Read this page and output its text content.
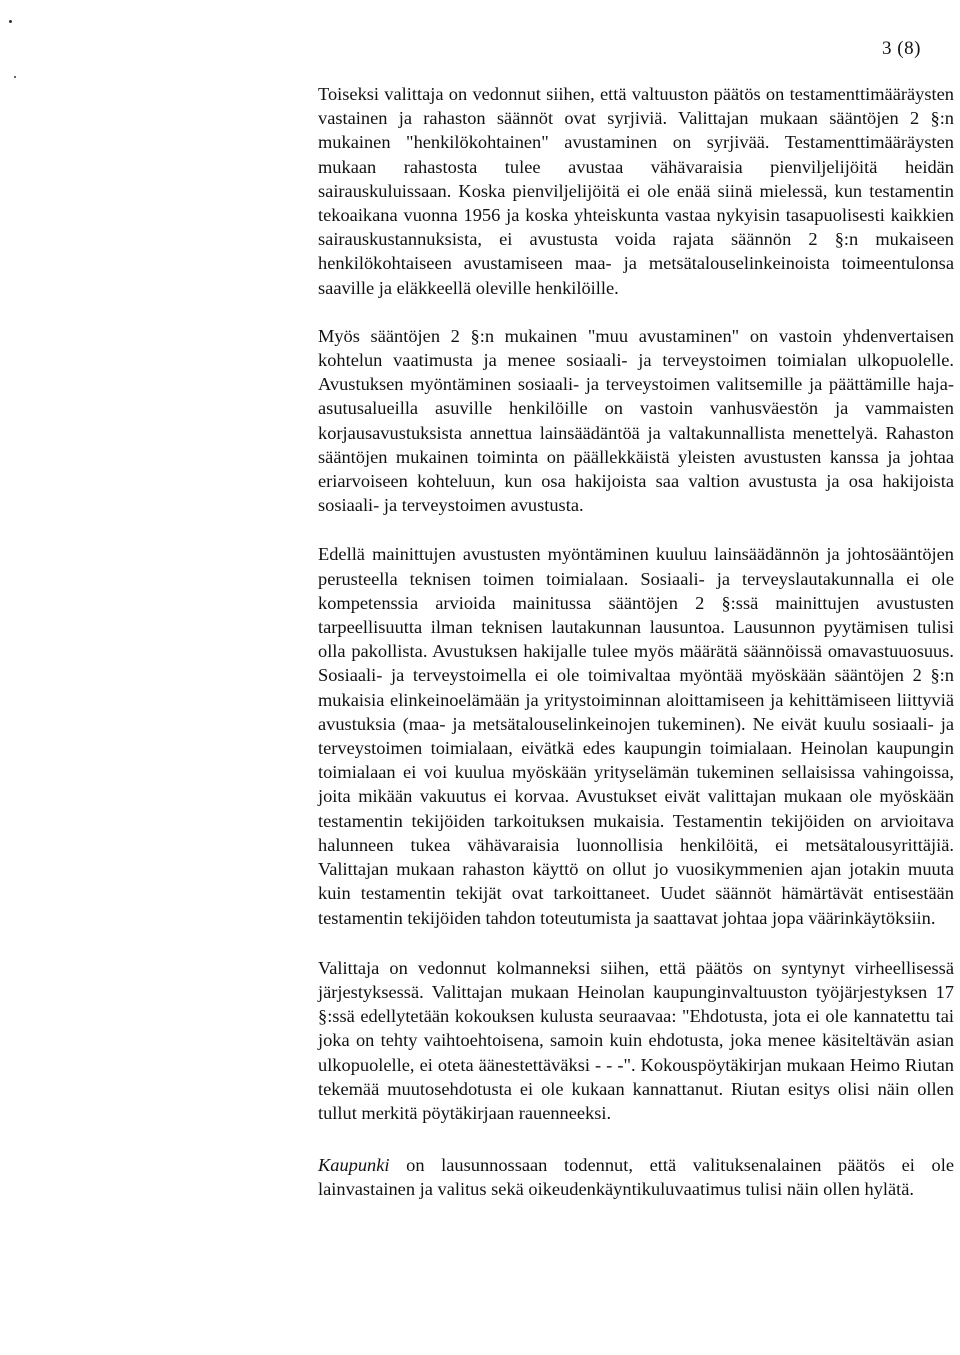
3 (8)

Toiseksi valittaja on vedonnut siihen, että valtuuston päätös on testamenttimääräysten vastainen ja rahaston säännöt ovat syrjiviä. Valittajan mukaan sääntöjen 2 §:n mukainen "henkilökohtainen" avustaminen on syrjivää. Testamenttimääräysten mukaan rahastosta tulee avustaa vähävaraisia pienviljelijöitä heidän sairauskuluissaan. Koska pienviljelijöitä ei ole enää siinä mielessä, kun testamentin tekoaikana vuonna 1956 ja koska yhteiskunta vastaa nykyisin tasapuolisesti kaikkien sairauskustannuksista, ei avustusta voida rajata säännön 2 §:n mukaiseen henkilökohtaiseen avustamiseen maa- ja metsätalouselinkeinoista toimeentulonsa saaville ja eläkkeellä oleville henkilöille.

Myös sääntöjen 2 §:n mukainen "muu avustaminen" on vastoin yhdenvertaisen kohtelun vaatimusta ja menee sosiaali- ja terveystoimen toimialan ulkopuolelle. Avustuksen myöntäminen sosiaali- ja terveystoimen valitsemille ja päättämille haja-asutusalueilla asuville henkilöille on vastoin vanhusväestön ja vammaisten korjausavustuksista annettua lainsäädäntöä ja valtakunnallista menettelyä. Rahaston sääntöjen mukainen toiminta on päällekkäistä yleisten avustusten kanssa ja johtaa eriarvoiseen kohteluun, kun osa hakijoista saa valtion avustusta ja osa hakijoista sosiaali- ja terveystoimen avustusta.

Edellä mainittujen avustusten myöntäminen kuuluu lainsäädännön ja johtosääntöjen perusteella teknisen toimen toimialaan. Sosiaali- ja terveyslautakunnalla ei ole kompetenssia arvioida mainitussa sääntöjen 2 §:ssä mainittujen avustusten tarpeellisuutta ilman teknisen lautakunnan lausuntoa. Lausunnon pyytämisen tulisi olla pakollista. Avustuksen hakijalle tulee myös määrätä säännöissä omavastuuosuus. Sosiaali- ja terveystoimella ei ole toimivaltaa myöntää myöskään sääntöjen 2 §:n mukaisia elinkeinoelämään ja yritystoiminnan aloittamiseen ja kehittämiseen liittyviä avustuksia (maa- ja metsätalouselinkeinojen tukeminen). Ne eivät kuulu sosiaali- ja terveystoimen toimialaan, eivätkä edes kaupungin toimialaan. Heinolan kaupungin toimialaan ei voi kuulua myöskään yrityselämän tukeminen sellaisissa vahingoissa, joita mikään vakuutus ei korvaa. Avustukset eivät valittajan mukaan ole myöskään testamentin tekijöiden tarkoituksen mukaisia. Testamentin tekijöiden on arvioitava halunneen tukea vähävaraisia luonnollisia henkilöitä, ei metsätalousyrittäjiä. Valittajan mukaan rahaston käyttö on ollut jo vuosikymmenien ajan jotakin muuta kuin testamentin tekijät ovat tarkoittaneet. Uudet säännöt hämärtävät entisestään testamentin tekijöiden tahdon toteutumista ja saattavat johtaa jopa väärinkäytöksiin.

Valittaja on vedonnut kolmanneksi siihen, että päätös on syntynyt virheellisessä järjestyksessä. Valittajan mukaan Heinolan kaupunginvaltuuston työjärjestyksen 17 §:ssä edellytetään kokouksen kulusta seuraavaa: "Ehdotusta, jota ei ole kannatettu tai joka on tehty vaihtoehtoisena, samoin kuin ehdotusta, joka menee käsiteltävän asian ulkopuolelle, ei oteta äänestettäväksi - - -". Kokouspöytäkirjan mukaan Heimo Riutan tekemää muutosehdotusta ei ole kukaan kannattanut. Riutan esitys olisi näin ollen tullut merkitä pöytäkirjaan rauenneeksi.

Kaupunki on lausunnossaan todennut, että valituksenalainen päätös ei ole lainvastainen ja valitus sekä oikeudenkäyntikuluvaatimus tulisi näin ollen hylätä.
